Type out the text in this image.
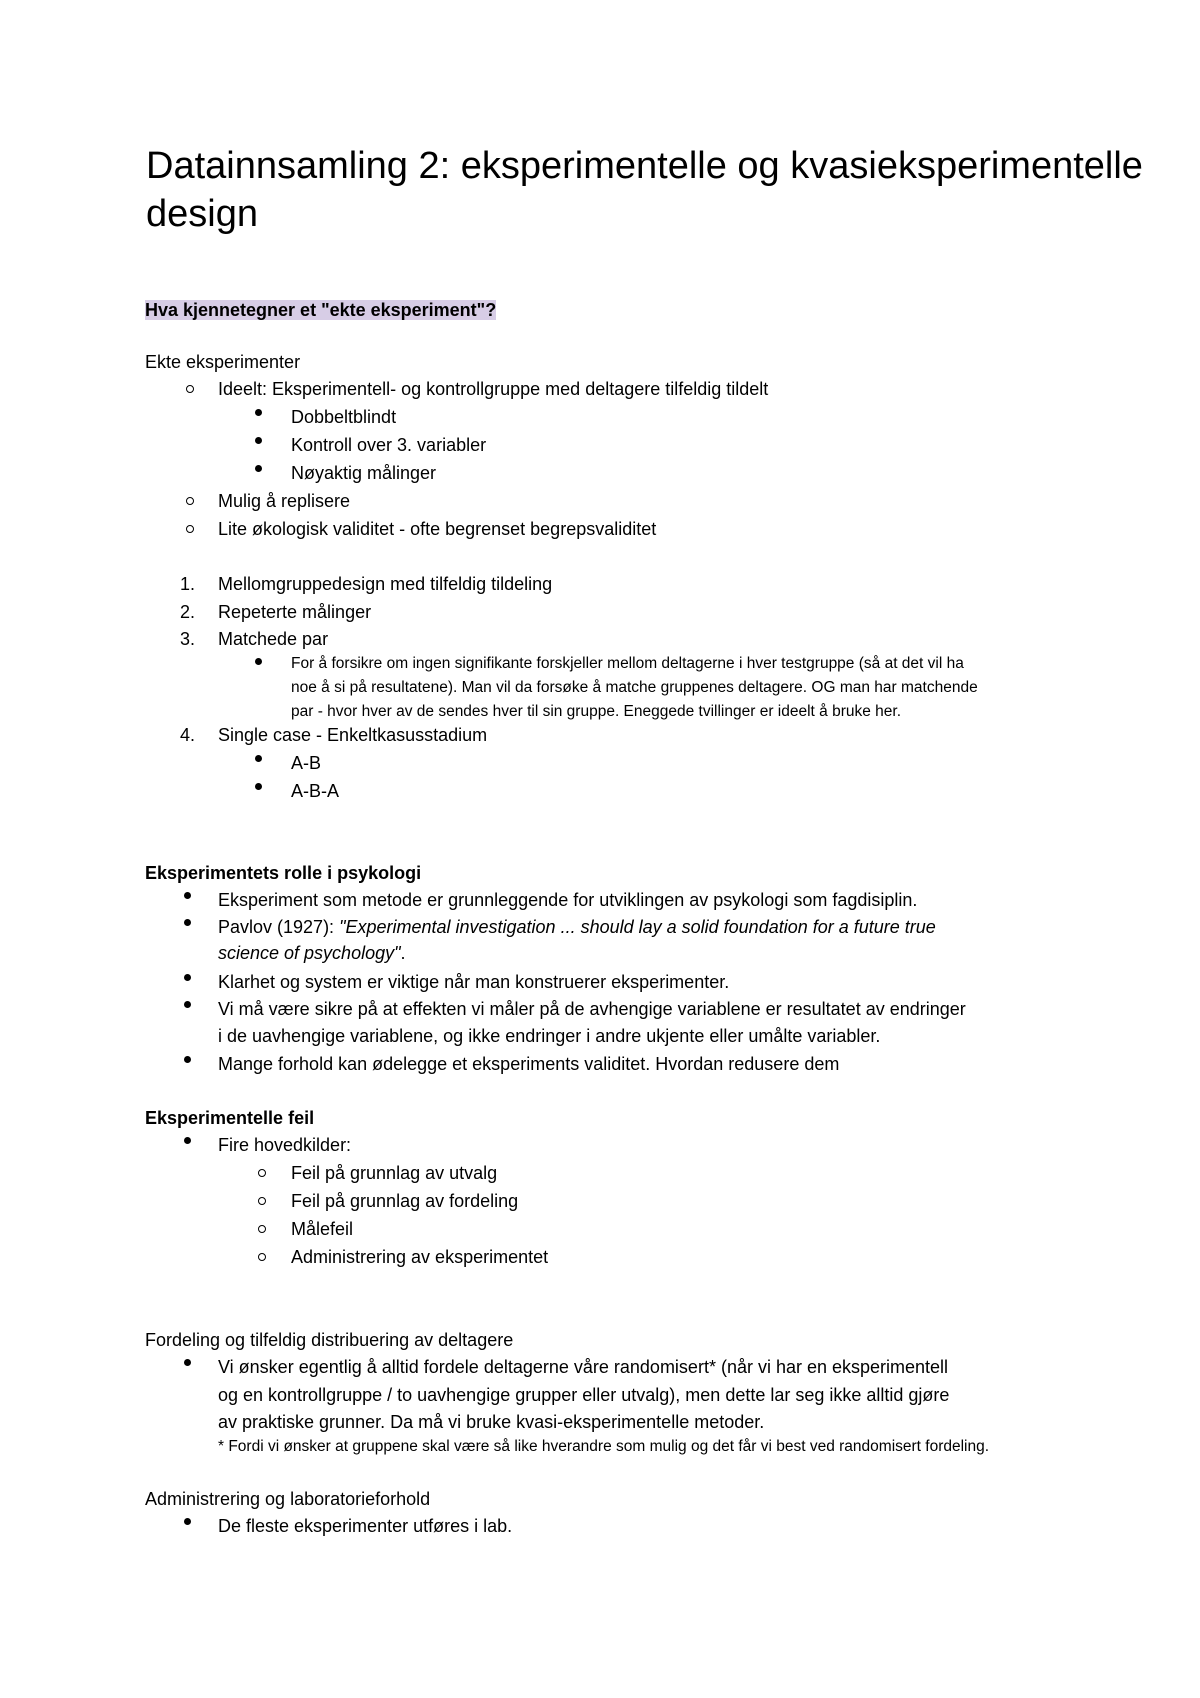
Datainnsamling 2: eksperimentelle og kvasieksperimentelle design
Hva kjennetegner et "ekte eksperiment"?
Ekte eksperimenter
Ideelt: Eksperimentell- og kontrollgruppe med deltagere tilfeldig tildelt
Dobbeltblindt
Kontroll over 3. variabler
Nøyaktig målinger
Mulig å replisere
Lite økologisk validitet - ofte begrenset begrepsvaliditet
1.	Mellomgruppedesign med tilfeldig tildeling
2.	Repeterte målinger
3.	Matchede par
For å forsikre om ingen signifikante forskjeller mellom deltagerne i hver testgruppe (så at det vil ha
noe å si på resultatene). Man vil da forsøke å matche gruppenes deltagere. OG man har matchende
par - hvor hver av de sendes hver til sin gruppe. Eneggede tvillinger er ideelt å bruke her.
4.	Single case - Enkeltkasusstadium
A-B
A-B-A
Eksperimentets rolle i psykologi
Eksperiment som metode er grunnleggende for utviklingen av psykologi som fagdisiplin.
Pavlov (1927): "Experimental investigation ... should lay a solid foundation for a future true
science of psychology".
Klarhet og system er viktige når man konstruerer eksperimenter.
Vi må være sikre på at effekten vi måler på de avhengige variablene er resultatet av endringer
i de uavhengige variablene, og ikke endringer i andre ukjente eller umålte variabler.
Mange forhold kan ødelegge et eksperiments validitet. Hvordan redusere dem
Eksperimentelle feil
Fire hovedkilder:
Feil på grunnlag av utvalg
Feil på grunnlag av fordeling
Målefeil
Administrering av eksperimentet
Fordeling og tilfeldig distribuering av deltagere
Vi ønsker egentlig å alltid fordele deltagerne våre randomisert* (når vi har en eksperimentell
og en kontrollgruppe / to uavhengige grupper eller utvalg), men dette lar seg ikke alltid gjøre
av praktiske grunner. Da må vi bruke kvasi-eksperimentelle metoder.
* Fordi vi ønsker at gruppene skal være så like hverandre som mulig og det får vi best ved randomisert fordeling.
Administrering og laboratorieforhold
De fleste eksperimenter utføres i lab.
